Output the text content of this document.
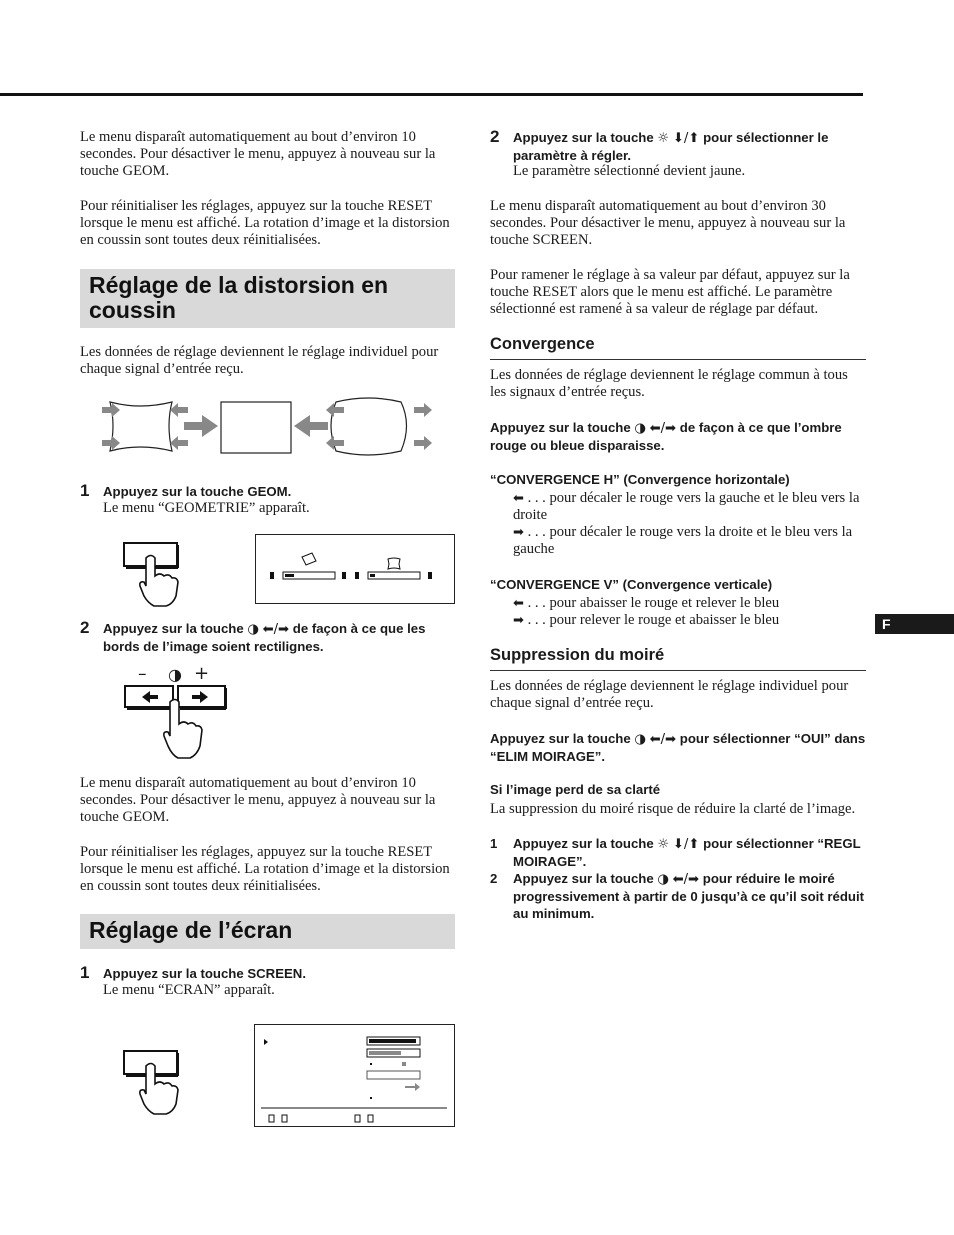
Le menu disparaît automatiquement au bout d’environ 10 secondes. Pour désactiver le menu, appuyez à nouveau sur la touche GEOM.

Pour réinitialiser les réglages, appuyez sur la touche RESET lorsque le menu est affiché. La rotation d’image et la distorsion en coussin sont toutes deux réinitialisées.

Réglage de la distorsion en coussin

Les données de réglage deviennent le réglage individuel pour chaque signal d’entrée reçu.

1 Appuyez sur la touche GEOM.

Le menu “GEOMETRIE” apparaît.

2 Appuyez sur la touche ◑ ⬅/➡ de façon à ce que les bords de l’image soient rectilignes.

– ◑ +

Le menu disparaît automatiquement au bout d’environ 10 secondes. Pour désactiver le menu, appuyez à nouveau sur la touche GEOM.

Pour réinitialiser les réglages, appuyez sur la touche RESET lorsque le menu est affiché. La rotation d’image et la distorsion en coussin sont toutes deux réinitialisées.

Réglage de l’écran
1 Appuyez sur la touche SCREEN.

Le menu “ECRAN” apparaît.

2 Appuyez sur la touche ☼ ⬇/⬆ pour sélectionner le paramètre à régler.

Le paramètre sélectionné devient jaune.

Le menu disparaît automatiquement au bout d’environ 30 secondes. Pour désactiver le menu, appuyez à nouveau sur la touche SCREEN.

Pour ramener le réglage à sa valeur par défaut, appuyez sur la touche RESET alors que le menu est affiché. Le paramètre sélectionné est ramené à sa valeur de réglage par défaut.

Convergence

Les données de réglage deviennent le réglage commun à tous les signaux d’entrée reçus.

Appuyez sur la touche ◑ ⬅/➡ de façon à ce que l’ombre rouge ou bleue disparaisse.

“CONVERGENCE H” (Convergence horizontale)

⬅ . . . pour décaler le rouge vers la gauche et le bleu vers la droite

➡ . . . pour décaler le rouge vers la droite et le bleu vers la gauche

“CONVERGENCE V” (Convergence verticale)

⬅ . . . pour abaisser le rouge et relever le bleu

➡ . . . pour relever le rouge et abaisser le bleu

Suppression du moiré

Les données de réglage deviennent le réglage individuel pour chaque signal d’entrée reçu.

Appuyez sur la touche ◑ ⬅/➡ pour sélectionner “OUI” dans “ELIM MOIRAGE”.

Si l’image perd de sa clarté

La suppression du moiré risque de réduire la clarté de l’image.

1 Appuyez sur la touche ☼ ⬇/⬆ pour sélectionner “REGL MOIRAGE”.

2 Appuyez sur la touche ◑ ⬅/➡ pour réduire le moiré progressivement à partir de 0 jusqu’à ce qu’il soit réduit au minimum.

F
